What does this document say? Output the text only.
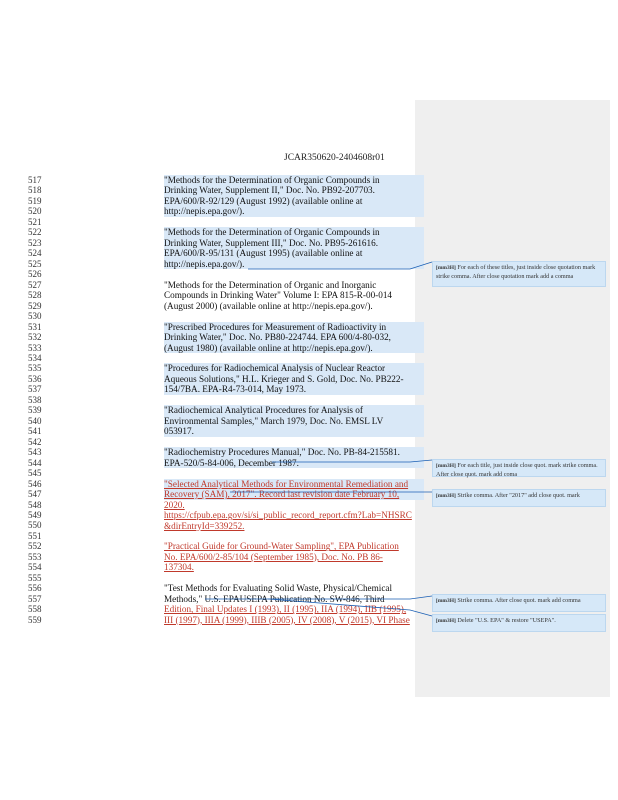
JCAR350620-2404608r01
517
518
519
520
521
522
523
524
525
526
527
528
529
530
531
532
533
534
535
536
537
538
539
540
541
542
543
544
545
546
547
548
549
550
551
552
553
554
555
556
557
558
559
"Methods for the Determination of Organic Compounds in
Drinking Water, Supplement II," Doc. No. PB92-207703.
EPA/600/R-92/129 (August 1992) (available online at
http://nepis.epa.gov/).
"Methods for the Determination of Organic Compounds in
Drinking Water, Supplement III," Doc. No. PB95-261616.
EPA/600/R-95/131 (August 1995) (available online at
http://nepis.epa.gov/).
"Methods for the Determination of Organic and Inorganic
Compounds in Drinking Water" Volume I: EPA 815-R-00-014
(August 2000) (available online at http://nepis.epa.gov/).
"Prescribed Procedures for Measurement of Radioactivity in
Drinking Water," Doc. No. PB80-224744. EPA 600/4-80-032,
(August 1980) (available online at http://nepis.epa.gov/).
"Procedures for Radiochemical Analysis of Nuclear Reactor
Aqueous Solutions," H.L. Krieger and S. Gold, Doc. No. PB222-
154/7BA. EPA-R4-73-014, May 1973.
"Radiochemical Analytical Procedures for Analysis of
Environmental Samples," March 1979, Doc. No. EMSL LV
053917.
"Radiochemistry Procedures Manual," Doc. No. PB-84-215581.
EPA-520/5-84-006, December 1987.
"Selected Analytical Methods for Environmental Remediation and
Recovery (SAM), 2017". Record last revision date February 10,
2020.
https://cfpub.epa.gov/si/si_public_record_report.cfm?Lab=NHSRC
&dirEntryId=339252.
"Practical Guide for Ground-Water Sampling", EPA Publication
No. EPA/600/2-85/104 (September 1985), Doc. No. PB 86-
137304.
"Test Methods for Evaluating Solid Waste, Physical/Chemical
Methods," U.S. EPAUSEPA Publication No. SW-846, Third
Edition, Final Updates I (1993), II (1995), IIA (1994), IIB (1995),
III (1997), IIIA (1999), IIIB (2005), IV (2008), V (2015), VI Phase
[mm3H] For each of these titles, just inside close quotation mark strike comma. After close quotation mark add a comma
[mm3H] For each title, just inside close quot. mark strike comma. After close quot. mark add coma
[mm3H] Strike comma. After "2017" add close quot. mark
[mm3H] Strike comma. After close quot. mark add comma
[mm3H] Delete "U.S. EPA" & restore "USEPA".
